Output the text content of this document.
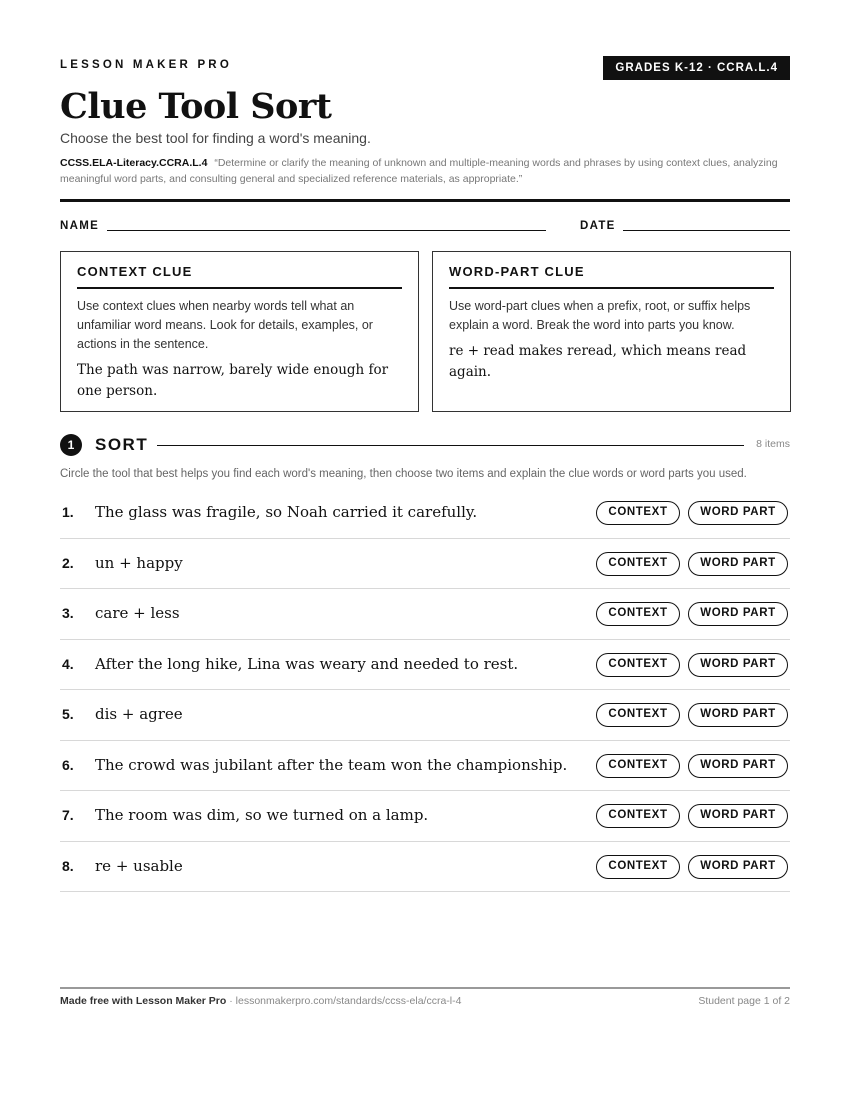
LESSON MAKER PRO	GRADES K-12 · CCRA.L.4
Clue Tool Sort
Choose the best tool for finding a word's meaning.
CCSS.ELA-Literacy.CCRA.L.4 “Determine or clarify the meaning of unknown and multiple-meaning words and phrases by using context clues, analyzing meaningful word parts, and consulting general and specialized reference materials, as appropriate.”
NAME	DATE
CONTEXT CLUE
Use context clues when nearby words tell what an unfamiliar word means. Look for details, examples, or actions in the sentence.
The path was narrow, barely wide enough for one person.
WORD-PART CLUE
Use word-part clues when a prefix, root, or suffix helps explain a word. Break the word into parts you know.
re + read makes reread, which means read again.
1	SORT	8 items
Circle the tool that best helps you find each word's meaning, then choose two items and explain the clue words or word parts you used.
1. The glass was fragile, so Noah carried it carefully.	CONTEXT	WORD PART
2. un + happy	CONTEXT	WORD PART
3. care + less	CONTEXT	WORD PART
4. After the long hike, Lina was weary and needed to rest.	CONTEXT	WORD PART
5. dis + agree	CONTEXT	WORD PART
6. The crowd was jubilant after the team won the championship.	CONTEXT	WORD PART
7. The room was dim, so we turned on a lamp.	CONTEXT	WORD PART
8. re + usable	CONTEXT	WORD PART
Made free with Lesson Maker Pro · lessonmakerpro.com/standards/ccss-ela/ccra-l-4	Student page 1 of 2
